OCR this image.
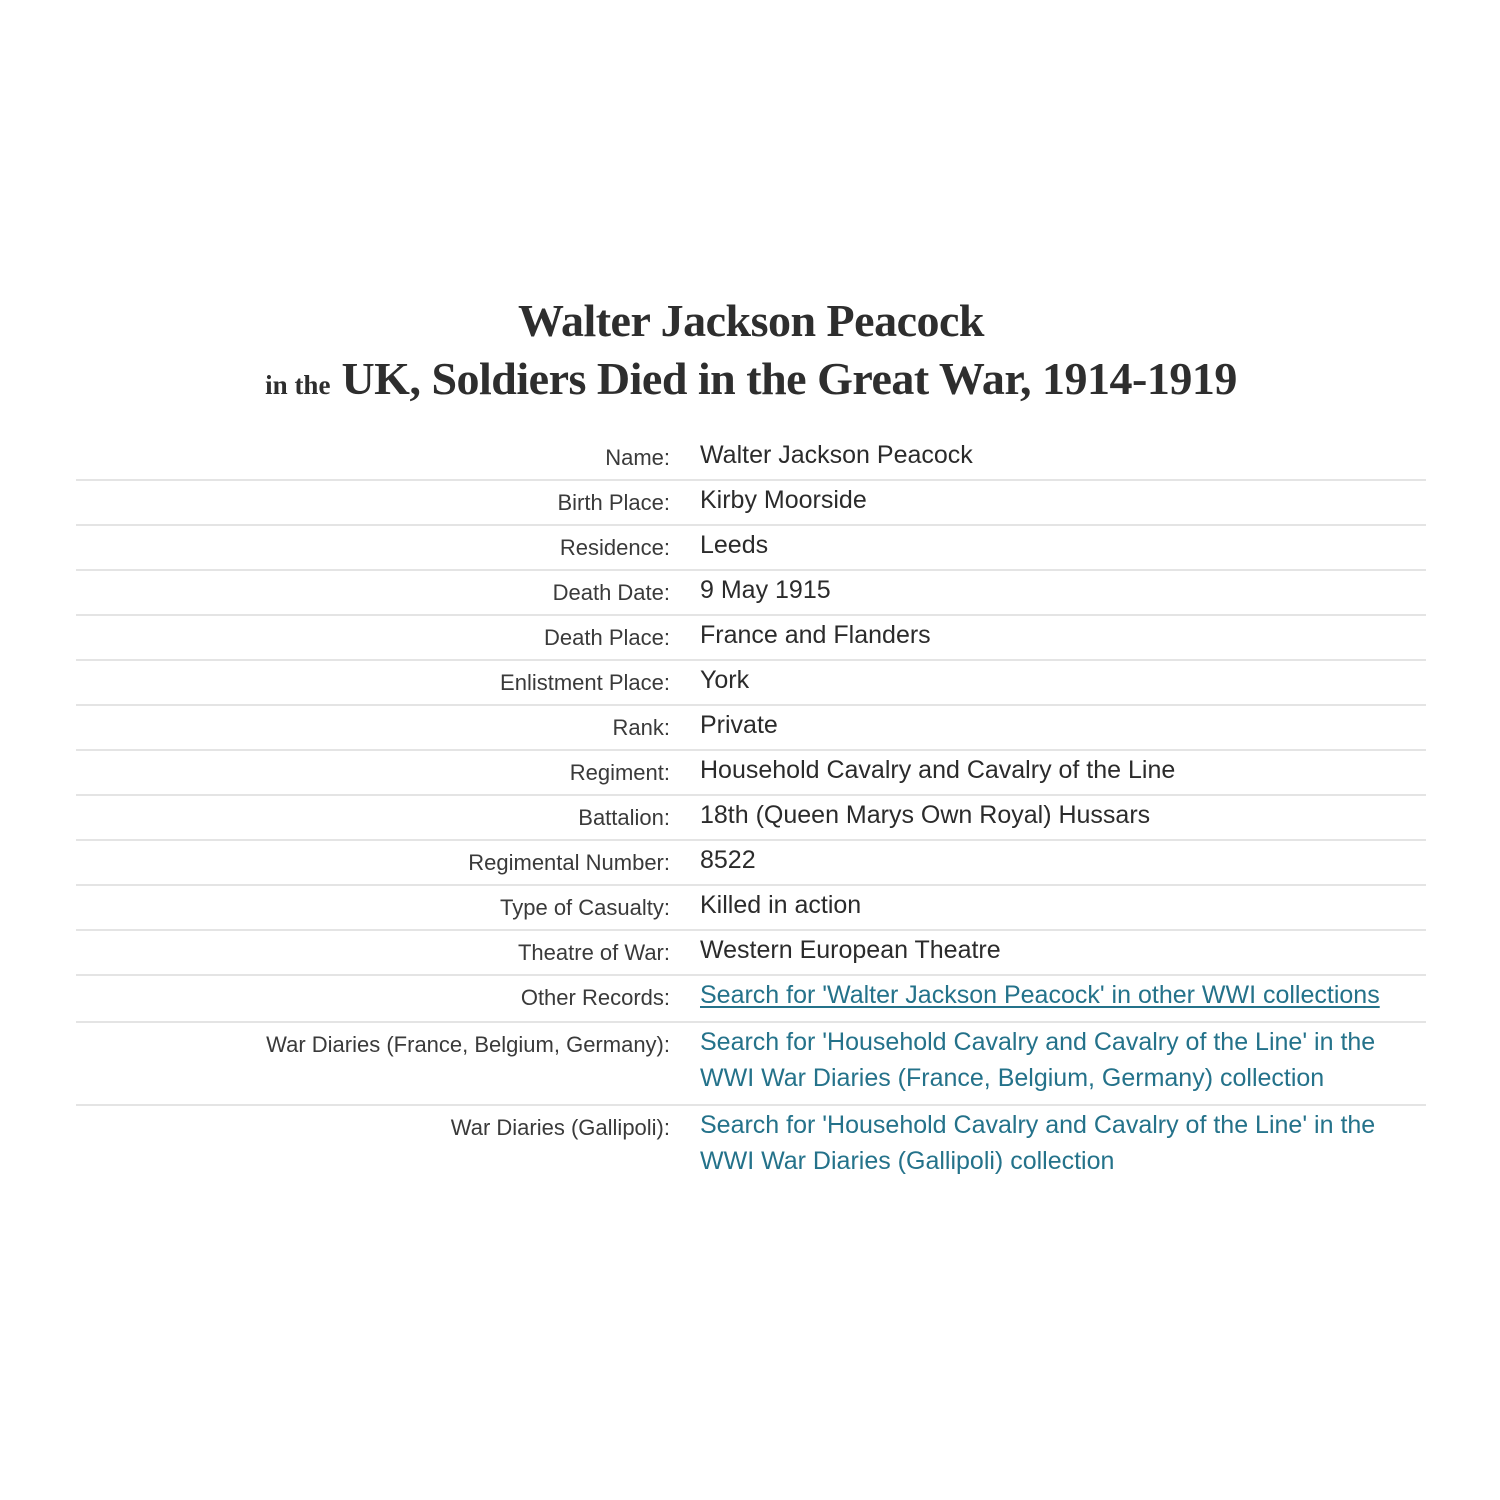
Walter Jackson Peacock
in the UK, Soldiers Died in the Great War, 1914-1919
Name:	Walter Jackson Peacock
Birth Place:	Kirby Moorside
Residence:	Leeds
Death Date:	9 May 1915
Death Place:	France and Flanders
Enlistment Place:	York
Rank:	Private
Regiment:	Household Cavalry and Cavalry of the Line
Battalion:	18th (Queen Marys Own Royal) Hussars
Regimental Number:	8522
Type of Casualty:	Killed in action
Theatre of War:	Western European Theatre
Other Records:	Search for 'Walter Jackson Peacock' in other WWI collections
War Diaries (France, Belgium, Germany):	Search for 'Household Cavalry and Cavalry of the Line' in the WWI War Diaries (France, Belgium, Germany) collection
War Diaries (Gallipoli):	Search for 'Household Cavalry and Cavalry of the Line' in the WWI War Diaries (Gallipoli) collection
